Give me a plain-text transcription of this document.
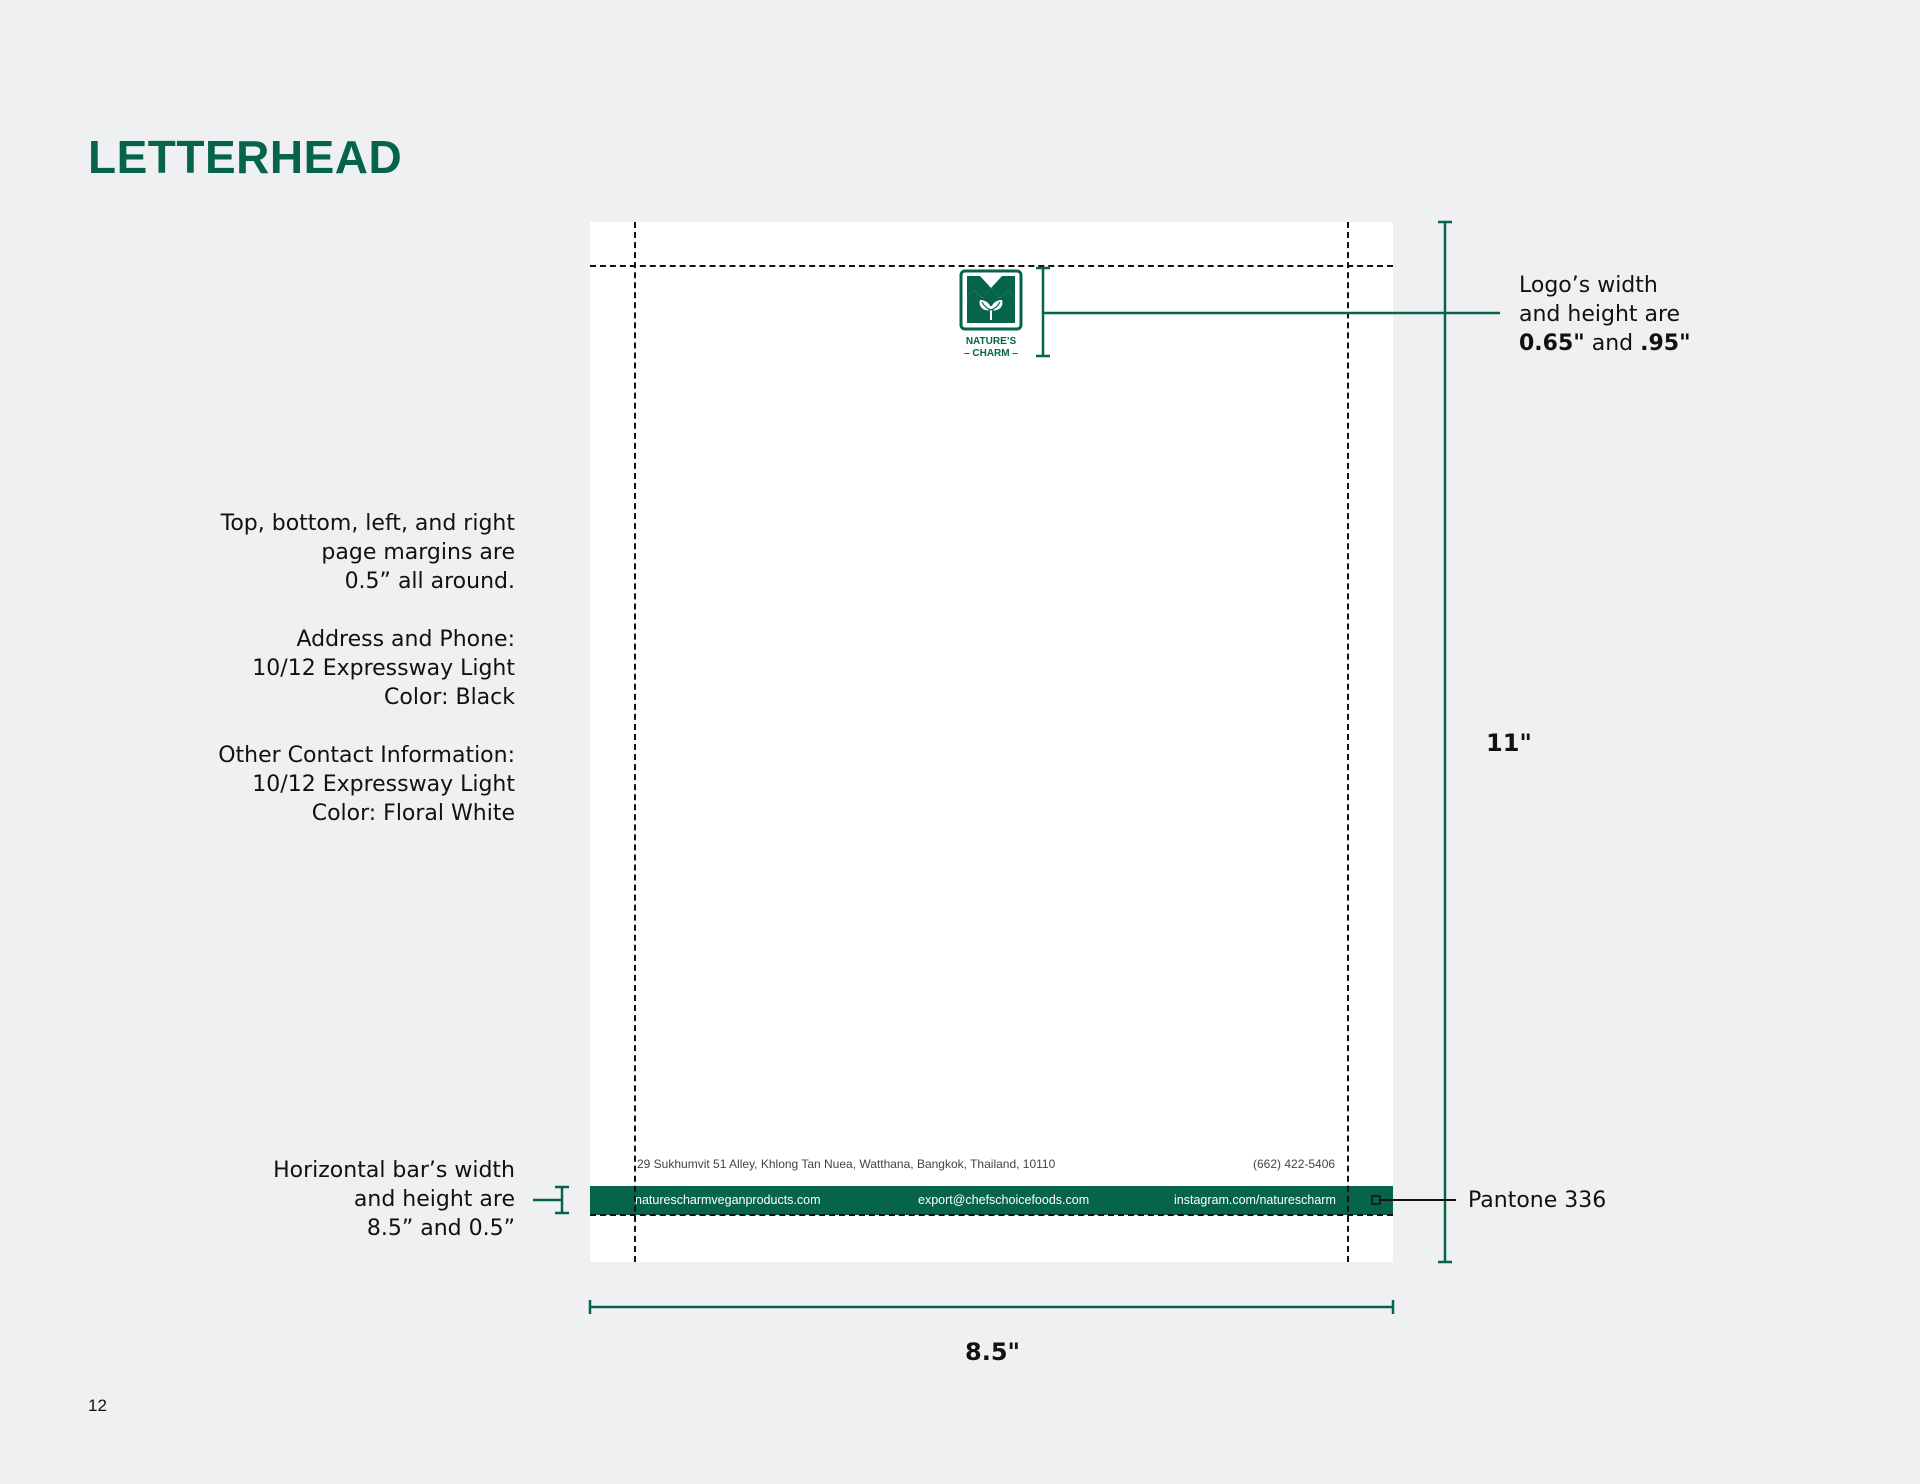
LETTERHEAD
Top, bottom, left, and right
page margins are
0.5” all around.
Address and Phone:
10/12 Expressway Light
Color: Black
Other Contact Information:
10/12 Expressway Light
Color: Floral White
Horizontal bar’s width
and height are
8.5” and 0.5”
NATURE’S
– CHARM –
29 Sukhumvit 51 Alley, Khlong Tan Nuea, Watthana, Bangkok, Thailand, 10110	(662) 422-5406
naturescharmveganproducts.com	export@chefschoicefoods.com	instagram.com/naturescharm
Logo’s width
and height are
0.65" and .95"
Pantone 336
11"
8.5"
12
